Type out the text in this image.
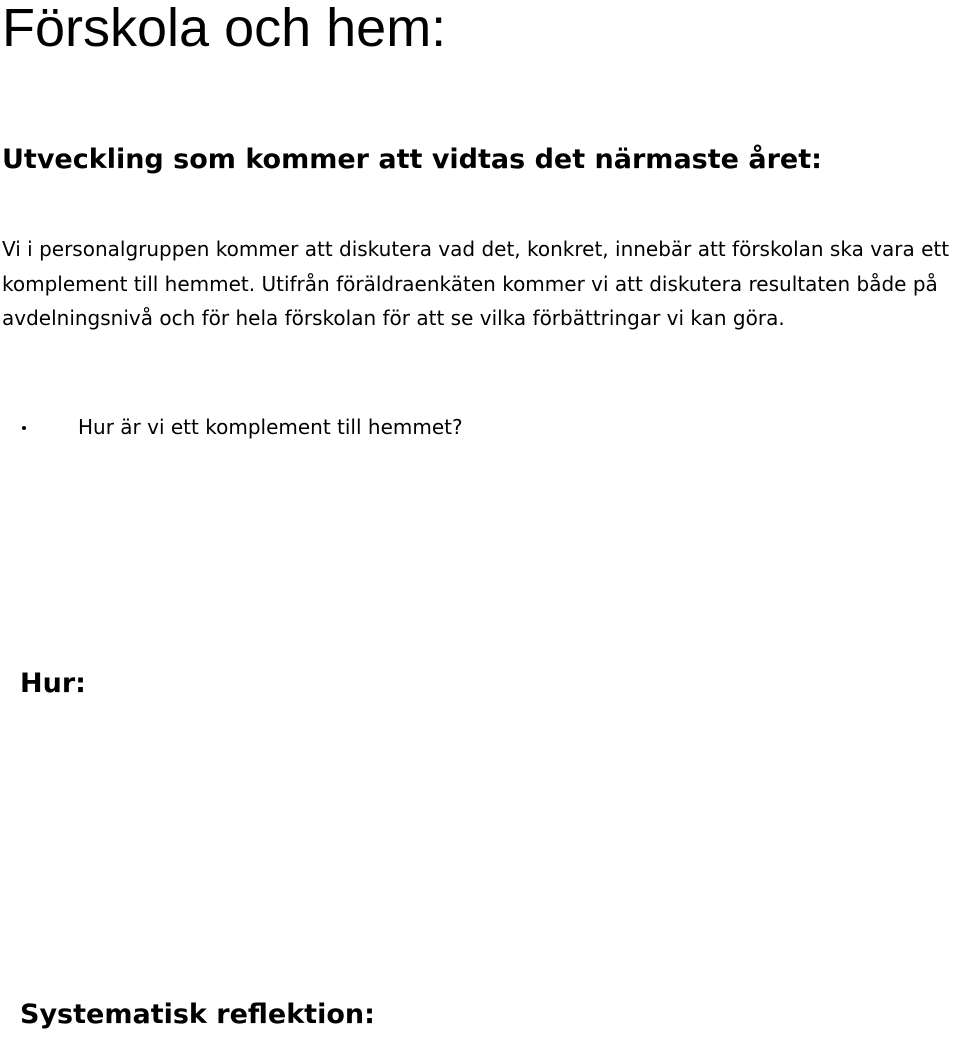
Förskola och hem:
Utveckling som kommer att vidtas det närmaste året:

Vi i personalgruppen kommer att diskutera vad det, konkret, innebär att förskolan ska vara ett komplement till hemmet. Utifrån föräldraenkäten kommer vi att diskutera resultaten både på avdelningsnivå och för hela förskolan för att se vilka förbättringar vi kan göra.

Hur är vi ett komplement till hemmet?
Hur:
Systematisk reflektion:
